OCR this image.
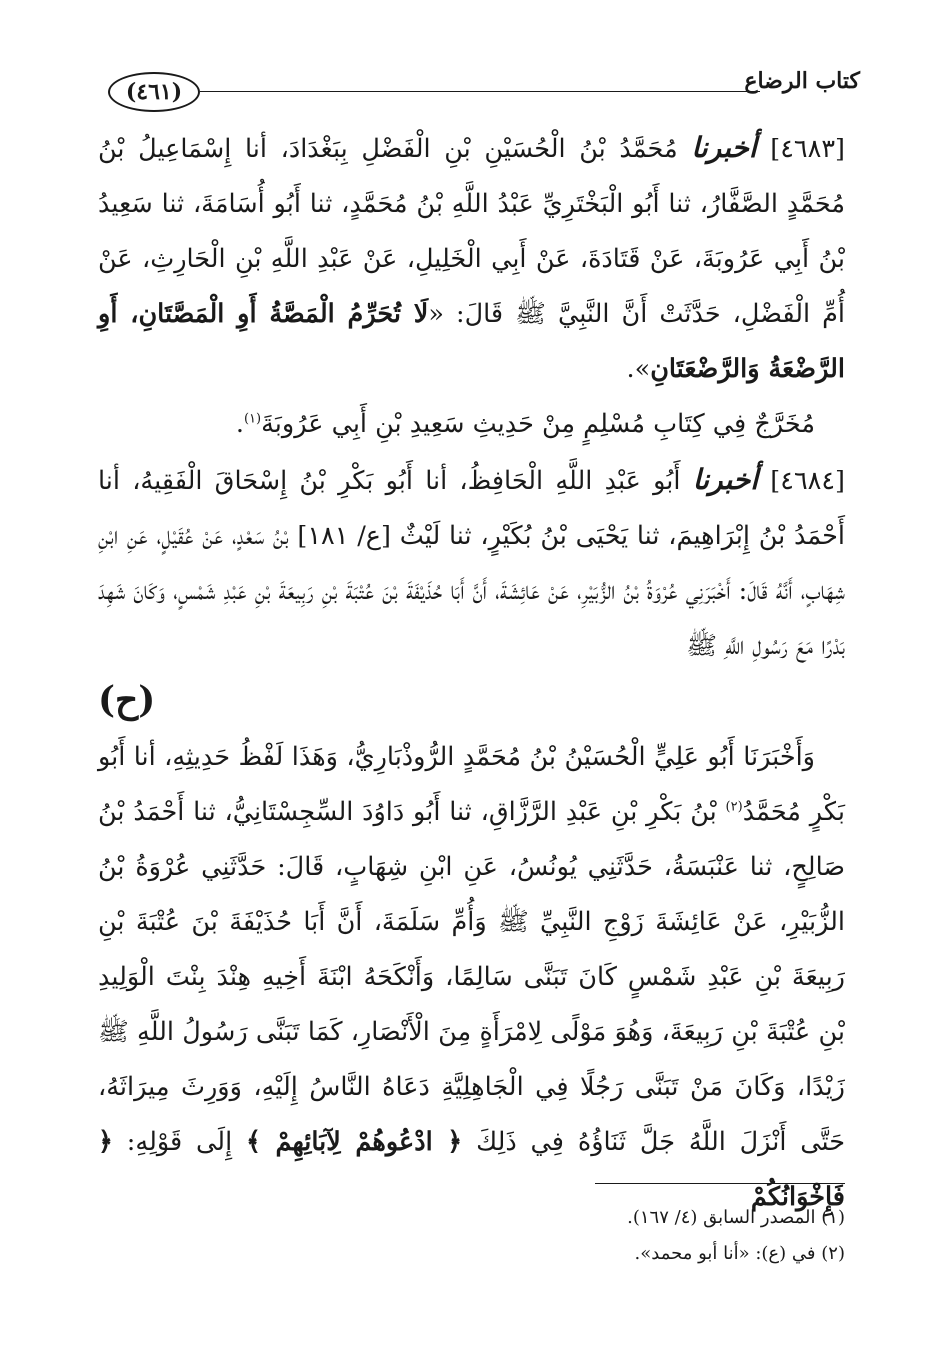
(٤٦١)	كتاب الرضاع

[٤٦٨٣] أخبرنا مُحَمَّدُ بْنُ الْحُسَيْنِ بْنِ الْفَضْلِ بِبَغْدَادَ، أنا إِسْمَاعِيلُ بْنُ مُحَمَّدٍ الصَّفَّارُ، ثنا أَبُو الْبَخْتَرِيِّ عَبْدُ اللَّهِ بْنُ مُحَمَّدٍ، ثنا أَبُو أُسَامَةَ، ثنا سَعِيدُ بْنُ أَبِي عَرُوبَةَ، عَنْ قَتَادَةَ، عَنْ أَبِي الْخَلِيلِ، عَنْ عَبْدِ اللَّهِ بْنِ الْحَارِثِ، عَنْ أُمِّ الْفَضْلِ، حَدَّثَتْ أَنَّ النَّبِيَّ ﷺ قَالَ: «لَا تُحَرِّمُ الْمَصَّةُ أَوِ الْمَصَّتَانِ، أَوِ الرَّضْعَةُ وَالرَّضْعَتَانِ».

مُخَرَّجٌ فِي كِتَابِ مُسْلِمٍ مِنْ حَدِيثِ سَعِيدِ بْنِ أَبِي عَرُوبَةَ$^{(١)}$.

[٤٦٨٤] أخبرنا أَبُو عَبْدِ اللَّهِ الْحَافِظُ، أنا أَبُو بَكْرِ بْنُ إِسْحَاقَ الْفَقِيهُ، أنا أَحْمَدُ بْنُ إِبْرَاهِيمَ، ثنا يَحْيَى بْنُ بُكَيْرٍ، ثنا لَيْثٌ [ع/ ١٨١] بْنُ سَعْدٍ، عَنْ عُقَيْلٍ، عَنِ ابْنِ شِهَابٍ، أَنَّهُ قَالَ: أَخْبَرَنِي عُرْوَةُ بْنُ الزُّبَيْرِ، عَنْ عَائِشَةَ، أَنَّ أَبَا حُذَيْفَةَ بْنَ عُتْبَةَ بْنِ رَبِيعَةَ بْنِ عَبْدِ شَمْسٍ، وَكَانَ شَهِدَ بَدْرًا مَعَ رَسُولِ اللَّهِ ﷺ
(ح)

وَأَخْبَرَنَا أَبُو عَلِيٍّ الْحُسَيْنُ بْنُ مُحَمَّدٍ الرُّوذْبَارِيُّ، وَهَذَا لَفْظُ حَدِيثِهِ، أنا أَبُو بَكْرٍ مُحَمَّدُ$^{(٢)}$ بْنُ بَكْرِ بْنِ عَبْدِ الرَّزَّاقِ، ثنا أَبُو دَاوُدَ السِّجِسْتَانِيُّ، ثنا أَحْمَدُ بْنُ صَالِحٍ، ثنا عَنْبَسَةُ، حَدَّثَنِي يُونُسُ، عَنِ ابْنِ شِهَابٍ، قَالَ: حَدَّثَنِي عُرْوَةُ بْنُ الزُّبَيْرِ، عَنْ عَائِشَةَ زَوْجِ النَّبِيِّ ﷺ وَأُمِّ سَلَمَةَ، أَنَّ أَبَا حُذَيْفَةَ بْنَ عُتْبَةَ بْنِ رَبِيعَةَ بْنِ عَبْدِ شَمْسٍ كَانَ تَبَنَّى سَالِمًا، وَأَنْكَحَهُ ابْنَةَ أَخِيهِ هِنْدَ بِنْتَ الْوَلِيدِ بْنِ عُتْبَةَ بْنِ رَبِيعَةَ، وَهُوَ مَوْلًى لِامْرَأَةٍ مِنَ الْأَنْصَارِ، كَمَا تَبَنَّى رَسُولُ اللَّهِ ﷺ زَيْدًا، وَكَانَ مَنْ تَبَنَّى رَجُلًا فِي الْجَاهِلِيَّةِ دَعَاهُ النَّاسُ إِلَيْهِ، وَوَرِثَ مِيرَاثَهُ، حَتَّى أَنْزَلَ اللَّهُ جَلَّ ثَنَاؤُهُ فِي ذَلِكَ ﴿ ادْعُوهُمْ لِآبَائِهِمْ ﴾ إِلَى قَوْلِهِ: ﴿ فَإِخْوَانُكُمْ

(١) المصدر السابق (٤/ ١٦٧).

(٢) في (ع): «أنا أبو محمد».
